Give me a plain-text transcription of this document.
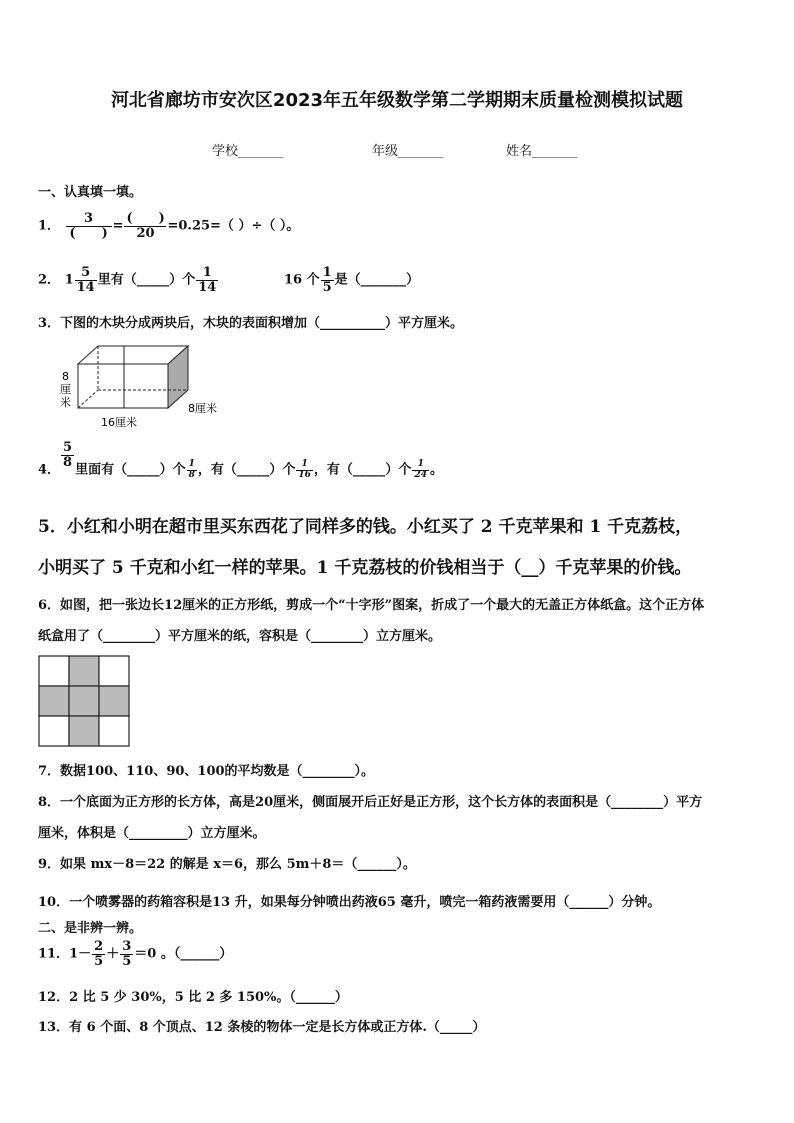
河北省廊坊市安次区2023年五年级数学第二学期期末质量检测模拟试题
学校_______	年级_______	姓名_______
一、认真填一填。
1． $\frac{3}{( )} = \frac{( )}{20} =0.25=$（ ）÷（ ）。
2． $1 \frac{5}{14}$ 里有（_____）个 $\frac{1}{14}$	16 个 $\frac{1}{5}$ 是（_______）
3．下图的木块分成两块后，木块的表面积增加（__________）平方厘米。
8
厘
米	8厘米
16厘米
4．
$\frac{5}{8}$
里面有（_____）个 $\frac{1}{8}$ ，有（_____）个 $\frac{1}{16}$ ，有（_____）个 $\frac{1}{24}$ 。
5．小红和小明在超市里买东西花了同样多的钱。小红买了 2 千克苹果和 1 千克荔枝，
小明买了 5 千克和小红一样的苹果。1 千克荔枝的价钱相当于（__）千克苹果的价钱。
6．如图，把一张边长12厘米的正方形纸，剪成一个“十字形”图案，折成了一个最大的无盖正方体纸盒。这个正方体
纸盒用了（________）平方厘米的纸，容积是（________）立方厘米。
7．数据100、110、90、100的平均数是（________）。
8．一个底面为正方形的长方体，高是20厘米，侧面展开后正好是正方形，这个长方体的表面积是（________）平方
厘米，体积是（_________）立方厘米。
9．如果 mx－8＝22 的解是 x＝6，那么 5m＋8＝（______）。
10．一个喷雾器的药箱容积是13 升，如果每分钟喷出药液65 毫升，喷完一箱药液需要用（______）分钟。
二、是非辨一辨。
11．$1- \frac{2}{5} + \frac{3}{5} =0$ 。（______）
12．2 比 5 少 30%，5 比 2 多 150%。（______）
13．有 6 个面、8 个顶点、12 条棱的物体一定是长方体或正方体.（_____）
